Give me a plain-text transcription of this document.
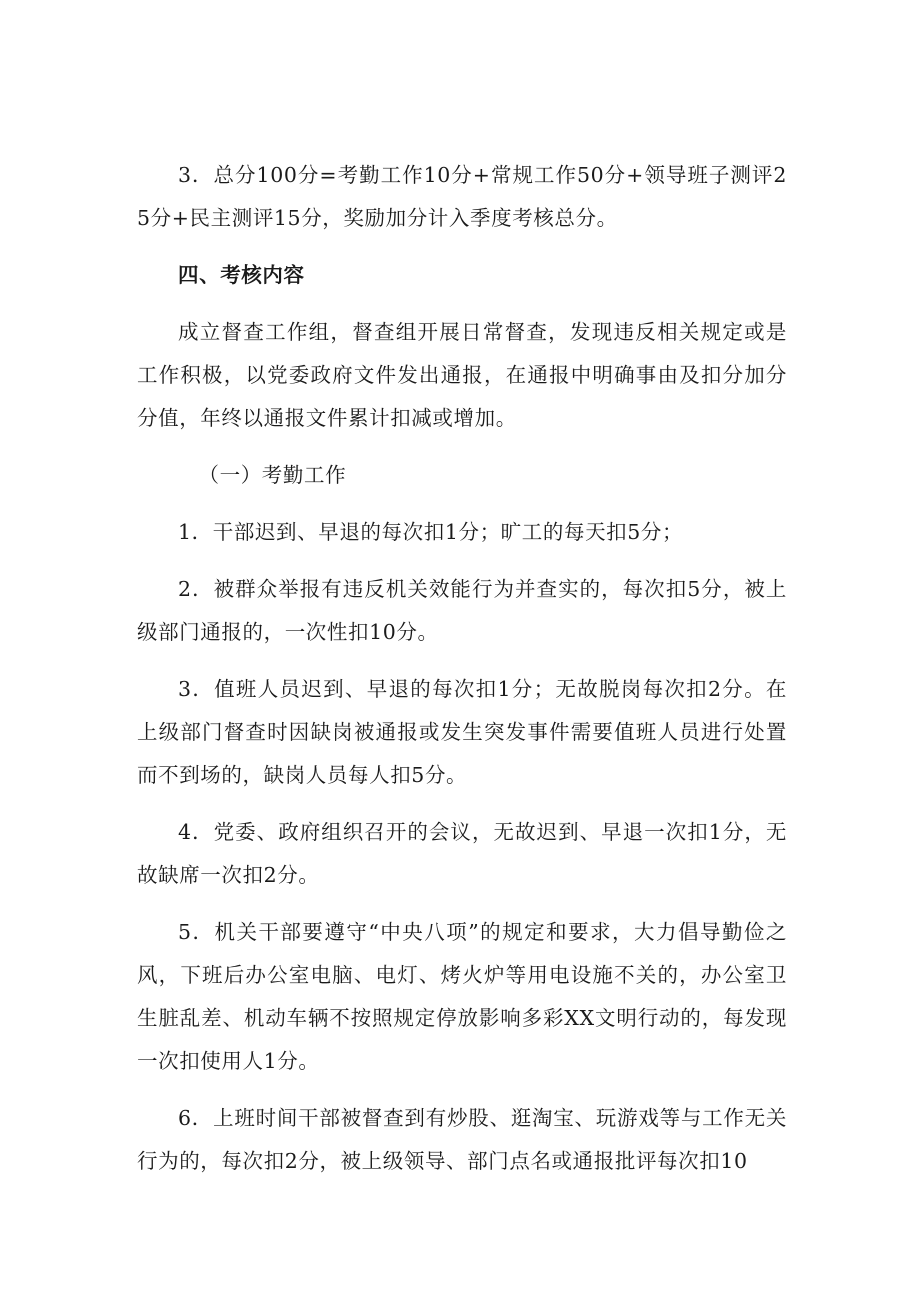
3．总分100分=考勤工作10分+常规工作50分+领导班子测评25分+民主测评15分，奖励加分计入季度考核总分。

四、考核内容

成立督查工作组，督查组开展日常督查，发现违反相关规定或是工作积极，以党委政府文件发出通报，在通报中明确事由及扣分加分分值，年终以通报文件累计扣减或增加。

（一）考勤工作

1．干部迟到、早退的每次扣1分；旷工的每天扣5分；

2．被群众举报有违反机关效能行为并查实的，每次扣5分，被上级部门通报的，一次性扣10分。

3．值班人员迟到、早退的每次扣1分；无故脱岗每次扣2分。在上级部门督查时因缺岗被通报或发生突发事件需要值班人员进行处置而不到场的，缺岗人员每人扣5分。

4．党委、政府组织召开的会议，无故迟到、早退一次扣1分，无故缺席一次扣2分。

5．机关干部要遵守“中央八项”的规定和要求，大力倡导勤俭之风，下班后办公室电脑、电灯、烤火炉等用电设施不关的，办公室卫生脏乱差、机动车辆不按照规定停放影响多彩XX文明行动的，每发现一次扣使用人1分。

6．上班时间干部被督查到有炒股、逛淘宝、玩游戏等与工作无关行为的，每次扣2分，被上级领导、部门点名或通报批评每次扣10
